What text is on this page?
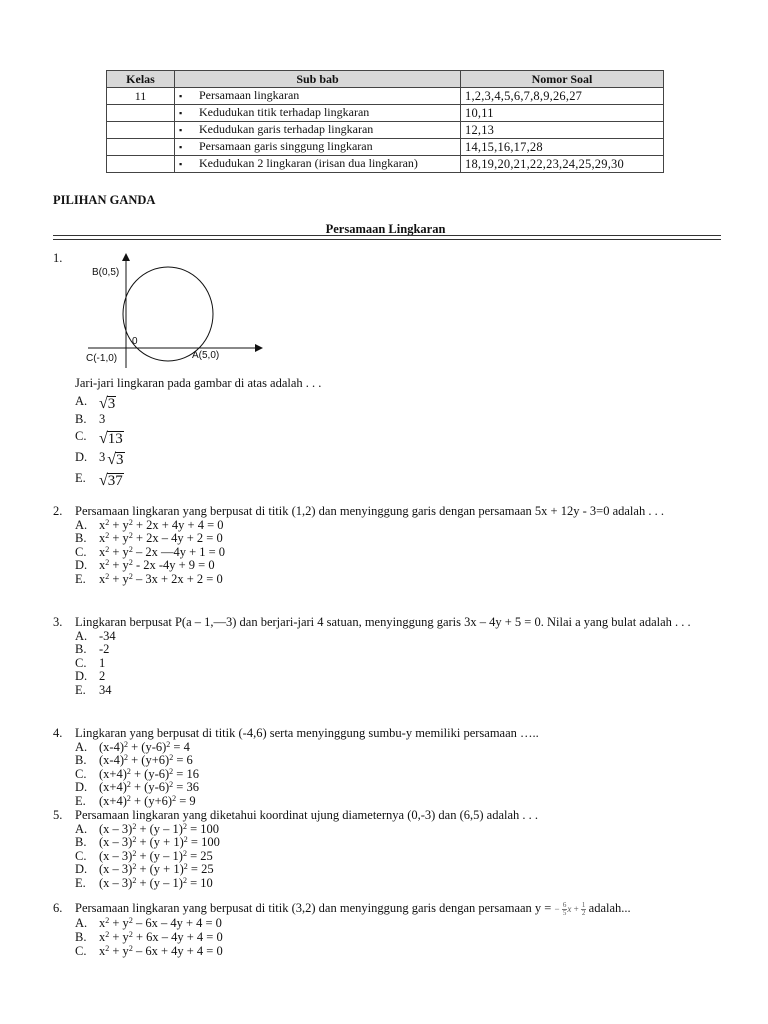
Kelas	Sub bab	Nomor Soal
11	▪ Persamaan lingkaran	1,2,3,4,5,6,7,8,9,26,27
	▪ Kedudukan titik terhadap lingkaran	10,11
	▪ Kedudukan garis terhadap lingkaran	12,13
	▪ Persamaan garis singgung lingkaran	14,15,16,17,28
	▪ Kedudukan 2 lingkaran (irisan dua lingkaran)	18,19,20,21,22,23,24,25,29,30
PILIHAN GANDA
Persamaan Lingkaran
1.
B(0,5)
0
C(-1,0)	A(5,0)
Jari-jari lingkaran pada gambar di atas adalah . . .
A. √ 3
B.	3
C. √ 13
D. 3 √ 3
E. √ 37
2. Persamaan lingkaran yang berpusat di titik (1,2) dan menyinggung garis dengan persamaan 5x + 12y - 3=0 adalah . . .
A. $x^2 + y^2 + 2x + 4y + 4 = 0$
B.	$x^2 + y^2 + 2x - 4y + 2 = 0$
C.	$x^2 + y^2 - 2x$ —4y + 1 = 0
D. $x^2 + y^2 - 2x$ -4y + 9 = 0
E.	$x^2 + y^2 - 3x + 2x + 2 = 0$
3. Lingkaran berpusat P(a – 1,—3) dan berjari-jari 4 satuan, menyinggung garis 3x – 4y + 5 = 0. Nilai a yang bulat adalah . . .
A. -34
B.	-2
C.	1
D. 2
E.	34
4. Lingkaran yang berpusat di titik (-4,6) serta menyinggung sumbu-y memiliki persamaan …..
A. $(x-4)^2 + (y-6)^2 = 4$
B.	$(x-4)^2 + (y+6)^2 = 6$
C.	$(x+4)^2 + (y-6)^2 = 16$
D. $(x+4)^2 + (y-6)^2 = 36$
E.	$(x+4)^2 + (y+6)^2 = 9$
5. Persamaan lingkaran yang diketahui koordinat ujung diameternya (0,-3) dan (6,5) adalah . . .
A. (x – 3)$^2$ + (y – 1)$^2$ = 100
B.	$(x - 3)^2 + (y + 1)^2 = 100$
C.	(x – 3)$^2$ + (y – 1)$^2$ = 25
D. $(x - 3)^2 + (y + 1)^2 = 25$
E.	(x – 3)$^2$ + (y – 1)$^2$ = 10
6. Persamaan lingkaran yang berpusat di titik (3,2) dan menyinggung garis dengan persamaan y = − $\frac{6}{5}$ $x + \frac{1}{2}$ adalah...
A. $x^2 + y^2 - 6x - 4y + 4 = 0$
B.	$x^2 + y^2 + 6x - 4y + 4 = 0$
C.	$x^2 + y^2 - 6x + 4y + 4 = 0$
